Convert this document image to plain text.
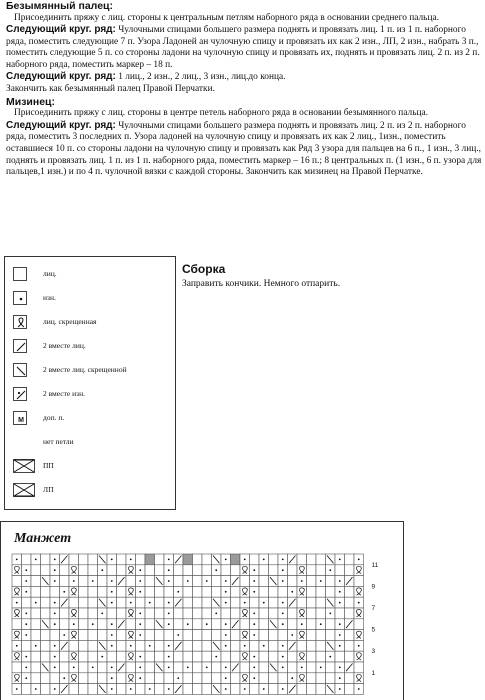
Безымянный палец:

Присоединить пряжу с лиц. стороны к центральным петлям наборного ряда в основании среднего пальца.

Следующий круг. ряд: Чулочными спицами большего размера поднять и провязать лиц. 1 п. из 1 п. наборного ряда, поместить следующие 7 п. Узора Ладоней ан чулочную спицу и провязать их как 2 изн., ЛП, 2 изн., набрать 3 п., поместить следующие 5 п. со стороны ладони на чулочную спицу и провязать их, поднять и провязать лиц. 2 п. из 2 п. наборного ряда, поместить маркер – 18 п.

Следующий круг. ряд: 1 лиц., 2 изн., 2 лиц., 3 изн., лиц.до конца.

Закончить как безымянный палец Правой Перчатки.

Мизинец:

Присоединить пряжу с лиц. стороны в центре петель наборного ряда в основании безымянного пальца.

Следующий круг. ряд: Чулочными спицами большего размера поднять и провязать лиц. 2 п. из 2 п. наборного ряда, поместить 3 последних п. Узора ладоней на чулочную спицу и провязать их как 2 лиц., 1изн., поместить оставшиеся 10 п. со стороны ладони на чулочную спицу и провязать как Ряд 3 узора для пальцев на 6 п., 1 изн., 3 лиц., поднять и провязать лиц. 1 п. из 1 п. наборного ряда, поместить маркер – 16 п.; 8 центральных п. (1 изн., 6 п. узора для пальцев,1 изн.) и по 4 п. чулочной вязки с каждой стороны. Закончить как мизинец на Правой Перчатке.

лиц.
изн.
лиц. скрещенная
2 вместе лиц.
2 вместе лиц. скрещенной
2 вместе изн.
M	доп. п.
нет петли
ПП
ЛП
Сборка
Заправить кончики. Немного отпарить.
Манжет
11
9
7
5
3
1
